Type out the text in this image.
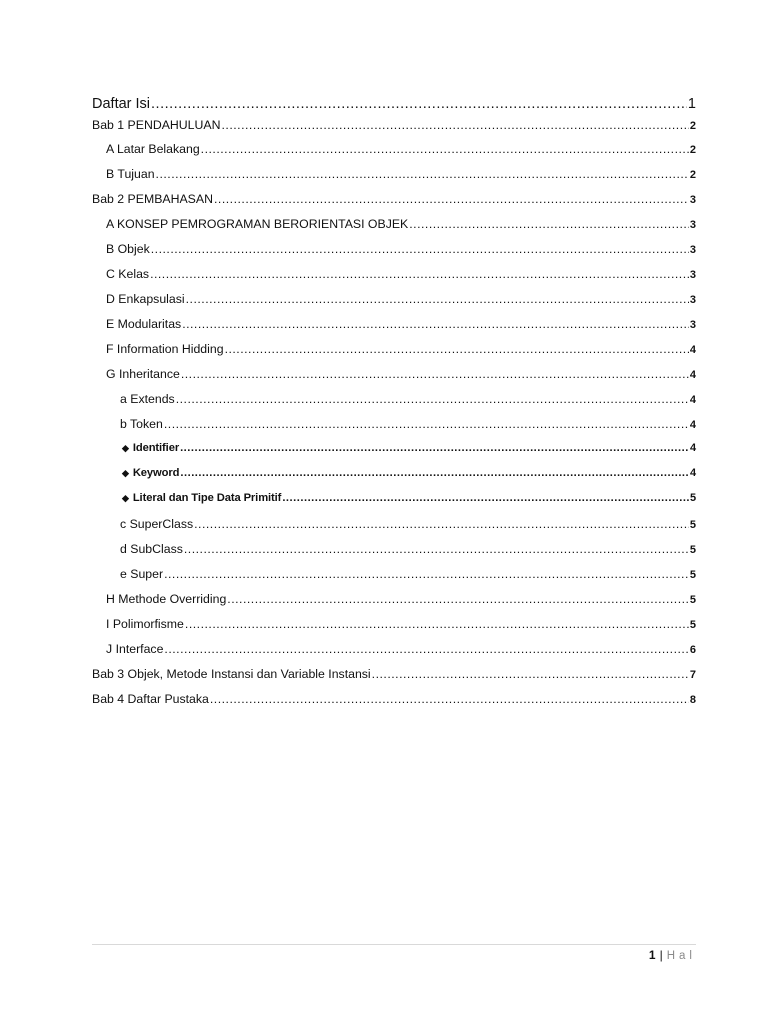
Daftar Isi .....	1
Bab 1 PENDAHULUAN .....	2
A Latar Belakang .....	2
B Tujuan .....	2
Bab 2 PEMBAHASAN .....	3
A KONSEP PEMROGRAMAN BERORIENTASI OBJEK .....	3
B Objek .....	3
C Kelas .....	3
D Enkapsulasi .....	3
E Modularitas .....	3
F Information Hidding .....	4
G Inheritance .....	4
a Extends .....	4
b Token .....	4
◆ Identifier .....	4
◆ Keyword .....	4
◆ Literal dan Tipe Data Primitif .....	5
c SuperClass .....	5
d SubClass .....	5
e Super .....	5
H Methode Overriding .....	5
I Polimorfisme .....	5
J Interface .....	6
Bab 3 Objek, Metode Instansi dan Variable Instansi .....	7
Bab 4 Daftar Pustaka .....	8
1 | Hal
